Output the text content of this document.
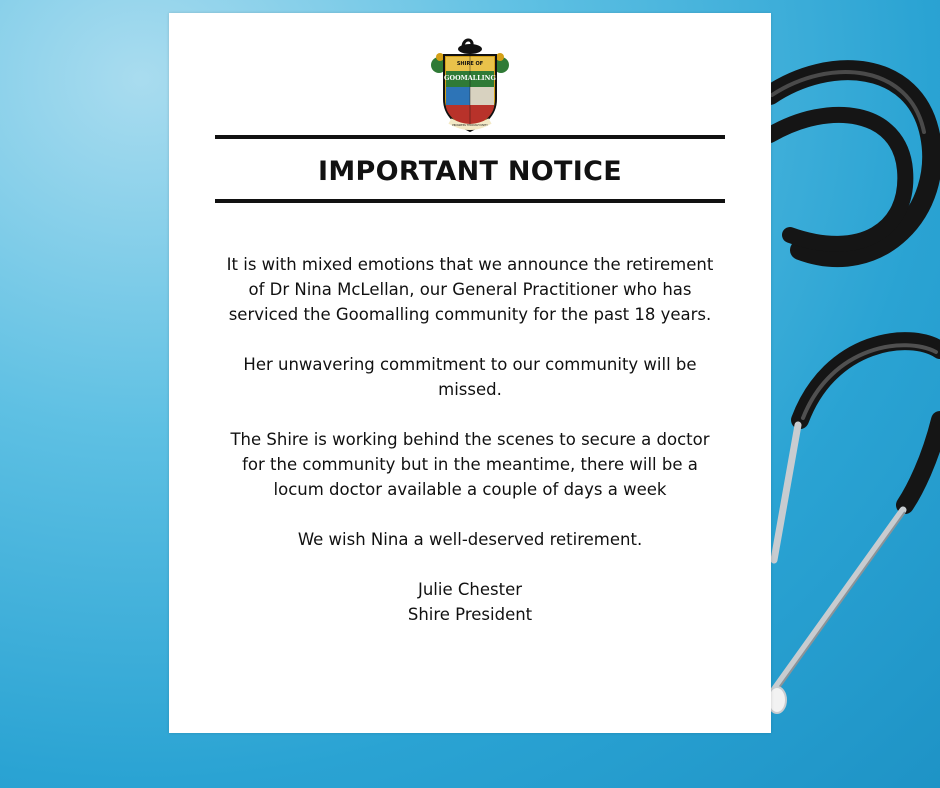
SHIRE OF
GOOMALLING
PROGRESS THROUGH UNITY
IMPORTANT NOTICE

It is with mixed emotions that we announce the retirement of Dr Nina McLellan, our General Practitioner who has serviced the Goomalling community for the past 18 years.

Her unwavering commitment to our community will be missed.

The Shire is working behind the scenes to secure a doctor for the community but in the meantime, there will be a locum doctor available a couple of days a week

We wish Nina a well-deserved retirement.

Julie Chester

Shire President
